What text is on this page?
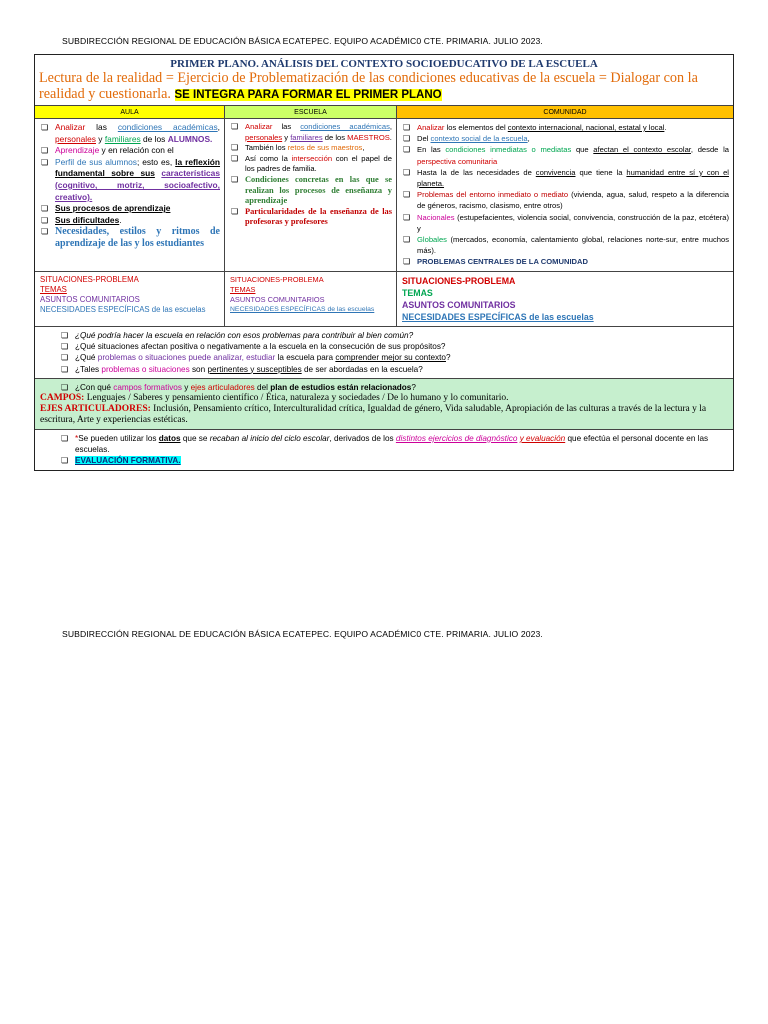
SUBDIRECCIÓN REGIONAL DE EDUCACIÓN BÁSICA ECATEPEC. EQUIPO ACADÉMIC0 CTE. PRIMARIA. JULIO 2023.
PRIMER PLANO. ANÁLISIS DEL CONTEXTO SOCIOEDUCATIVO DE LA ESCUELA
Lectura de la realidad = Ejercicio de Problematización de las condiciones educativas de la escuela = Dialogar con la realidad y cuestionarla. SE INTEGRA PARA FORMAR EL PRIMER PLANO
AULA	ESCUELA	COMUNIDAD
❏ Analizar las condiciones académicas, personales y familiares de los ALUMNOS.
❏ Aprendizaje y en relación con el
❏ Perfil de sus alumnos; esto es, la reflexión fundamental sobre sus características (cognitivo, motriz, socioafectivo, creativo).
❏ Sus procesos de aprendizaje
❏ Sus dificultades.
❏ Necesidades, estilos y ritmos de aprendizaje de las y los estudiantes
❏ Analizar las condiciones académicas, personales y familiares de los MAESTROS.
❏ También los retos de sus maestros,
❏ Así como la intersección con el papel de los padres de familia.
❏ Condiciones concretas en las que se realizan los procesos de enseñanza y aprendizaje
❏ Particularidades de la enseñanza de las profesoras y profesores
❏ Analizar los elementos del contexto internacional, nacional, estatal y local.
❏ Del contexto social de la escuela,
❏ En las condiciones inmediatas o mediatas que afectan el contexto escolar, desde la perspectiva comunitaria
❏ Hasta la de las necesidades de convivencia que tiene la humanidad entre sí y con el planeta.
❏ Problemas del entorno inmediato o mediato (vivienda, agua, salud, respeto a la diferencia de géneros, racismo, clasismo, entre otros)
❏ Nacionales (estupefacientes, violencia social, convivencia, construcción de la paz, etcétera) y
❏ Globales (mercados, economía, calentamiento global, relaciones norte-sur, entre muchos más).
❏ PROBLEMAS CENTRALES DE LA COMUNIDAD
SITUACIONES-PROBLEMA
TEMAS
ASUNTOS COMUNITARIOS
NECESIDADES ESPECÍFICAS de las escuelas
SITUACIONES-PROBLEMA
TEMAS
ASUNTOS COMUNITARIOS
NECESIDADES ESPECÍFICAS de las escuelas
SITUACIONES-PROBLEMA
TEMAS
ASUNTOS COMUNITARIOS
NECESIDADES ESPECÍFICAS de las escuelas
❏ ¿Qué podría hacer la escuela en relación con esos problemas para contribuir al bien común?
❏ ¿Qué situaciones afectan positiva o negativamente a la escuela en la consecución de sus propósitos?
❏ ¿Qué problemas o situaciones puede analizar, estudiar la escuela para comprender mejor su contexto?
❏ ¿Tales problemas o situaciones son pertinentes y susceptibles de ser abordadas en la escuela?
❏ ¿Con qué campos formativos y ejes articuladores del plan de estudios están relacionados?
CAMPOS: Lenguajes / Saberes y pensamiento científico / Ética, naturaleza y sociedades / De lo humano y lo comunitario.
EJES ARTICULADORES: Inclusión, Pensamiento crítico, Interculturalidad crítica, Igualdad de género, Vida saludable, Apropiación de las culturas a través de la lectura y la escritura, Arte y experiencias estéticas.
❏ *Se pueden utilizar los datos que se recaban al inicio del ciclo escolar, derivados de los distintos ejercicios de diagnóstico y evaluación que efectúa el personal docente en las escuelas.
❏ EVALUACIÓN FORMATIVA.
SUBDIRECCIÓN REGIONAL DE EDUCACIÓN BÁSICA ECATEPEC. EQUIPO ACADÉMIC0 CTE. PRIMARIA. JULIO 2023.
